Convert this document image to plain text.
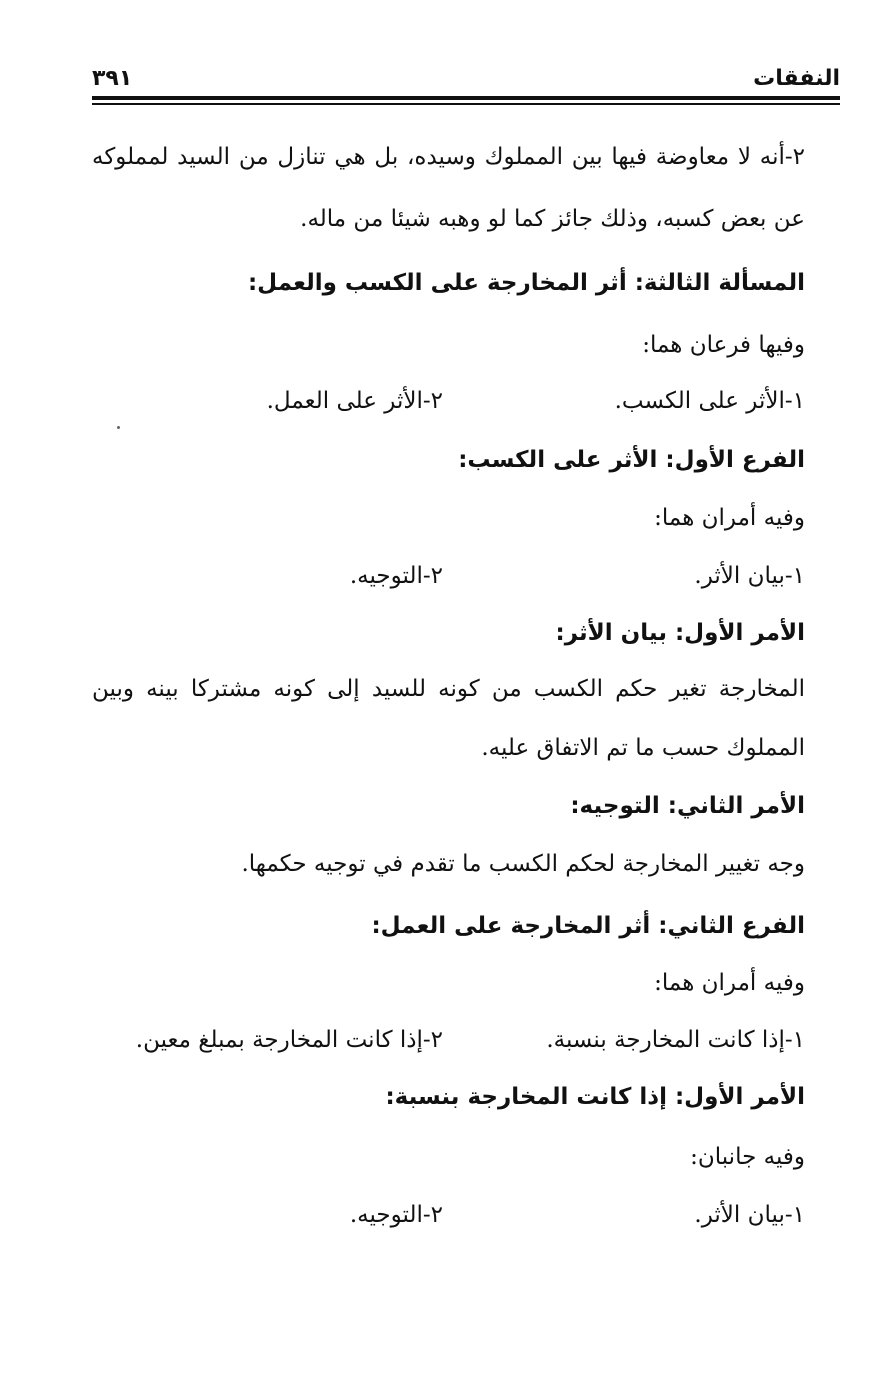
النفقات
٣٩١
٢-أنه لا معاوضة فيها بين المملوك وسيده، بل هي تنازل من السيد لمملوكه
عن بعض كسبه، وذلك جائز كما لو وهبه شيئا من ماله.
المسألة الثالثة: أثر المخارجة على الكسب والعمل:
وفيها فرعان هما:
١-الأثر على الكسب.
٢-الأثر على العمل.
الفرع الأول: الأثر على الكسب:
وفيه أمران هما:
١-بيان الأثر.
٢-التوجيه.
الأمر الأول: بيان الأثر:
المخارجة تغير حكم الكسب من كونه للسيد إلى كونه مشتركا بينه وبين
المملوك حسب ما تم الاتفاق عليه.
الأمر الثاني: التوجيه:
وجه تغيير المخارجة لحكم الكسب ما تقدم في توجيه حكمها.
الفرع الثاني: أثر المخارجة على العمل:
وفيه أمران هما:
١-إذا كانت المخارجة بنسبة.
٢-إذا كانت المخارجة بمبلغ معين.
الأمر الأول: إذا كانت المخارجة بنسبة:
وفيه جانبان:
١-بيان الأثر.
٢-التوجيه.
